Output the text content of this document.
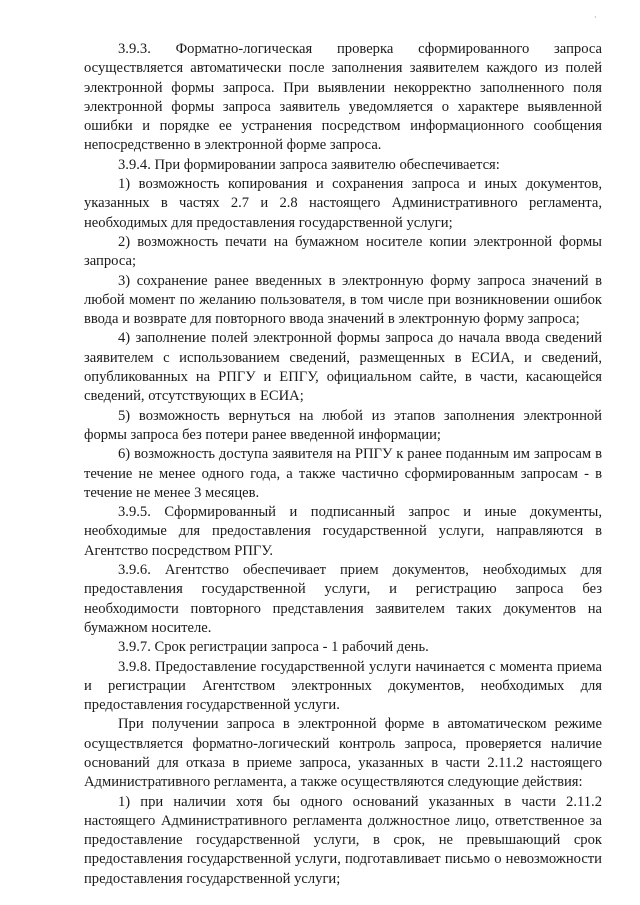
·

3.9.3. Форматно-логическая проверка сформированного запроса осуществляется автоматически после заполнения заявителем каждого из полей электронной формы запроса. При выявлении некорректно заполненного поля электронной формы запроса заявитель уведомляется о характере выявленной ошибки и порядке ее устранения посредством информационного сообщения непосредственно в электронной форме запроса.

3.9.4. При формировании запроса заявителю обеспечивается:

1) возможность копирования и сохранения запроса и иных документов, указанных в частях 2.7 и 2.8 настоящего Административного регламента, необходимых для предоставления государственной услуги;

2) возможность печати на бумажном носителе копии электронной формы запроса;

3) сохранение ранее введенных в электронную форму запроса значений в любой момент по желанию пользователя, в том числе при возникновении ошибок ввода и возврате для повторного ввода значений в электронную форму запроса;

4) заполнение полей электронной формы запроса до начала ввода сведений заявителем с использованием сведений, размещенных в ЕСИА, и сведений, опубликованных на РПГУ и ЕПГУ, официальном сайте, в части, касающейся сведений, отсутствующих в ЕСИА;

5) возможность вернуться на любой из этапов заполнения электронной формы запроса без потери ранее введенной информации;

6) возможность доступа заявителя на РПГУ к ранее поданным им запросам в течение не менее одного года, а также частично сформированным запросам - в течение не менее 3 месяцев.

3.9.5. Сформированный и подписанный запрос и иные документы, необходимые для предоставления государственной услуги, направляются в Агентство посредством РПГУ.

3.9.6. Агентство обеспечивает прием документов, необходимых для предоставления государственной услуги, и регистрацию запроса без необходимости повторного представления заявителем таких документов на бумажном носителе.

3.9.7. Срок регистрации запроса - 1 рабочий день.

3.9.8. Предоставление государственной услуги начинается с момента приема и регистрации Агентством электронных документов, необходимых для предоставления государственной услуги.

При получении запроса в электронной форме в автоматическом режиме осуществляется форматно-логический контроль запроса, проверяется наличие оснований для отказа в приеме запроса, указанных в части 2.11.2 настоящего Административного регламента, а также осуществляются следующие действия:

1) при наличии хотя бы одного оснований указанных в части 2.11.2 настоящего Административного регламента должностное лицо, ответственное за предоставление государственной услуги, в срок, не превышающий срок предоставления государственной услуги, подготавливает письмо о невозможности предоставления государственной услуги;
